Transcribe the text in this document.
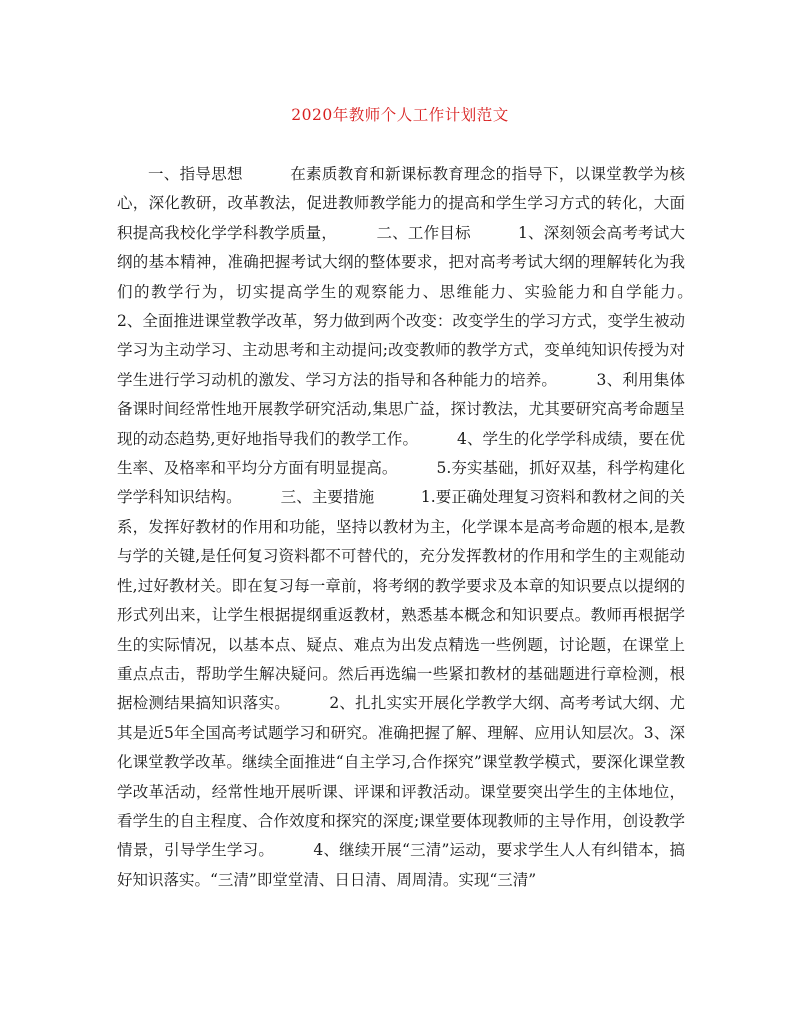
2020年教师个人工作计划范文

一、指导思想　　　在素质教育和新课标教育理念的指导下，以课堂教学为核心，深化教研，改革教法，促进教师教学能力的提高和学生学习方式的转化，大面积提高我校化学学科教学质量，　　　二、工作目标　　　1、深刻领会高考考试大纲的基本精神，准确把握考试大纲的整体要求，把对高考考试大纲的理解转化为我们的教学行为，切实提高学生的观察能力、思维能力、实验能力和自学能力。　　　2、全面推进课堂教学改革，努力做到两个改变：改变学生的学习方式，变学生被动学习为主动学习、主动思考和主动提问;改变教师的教学方式，变单纯知识传授为对学生进行学习动机的激发、学习方法的指导和各种能力的培养。　　　3、利用集体备课时间经常性地开展教学研究活动,集思广益，探讨教法，尤其要研究高考命题呈现的动态趋势,更好地指导我们的教学工作。　　　4、学生的化学学科成绩，要在优生率、及格率和平均分方面有明显提高。　　　5.夯实基础，抓好双基，科学构建化学学科知识结构。　　　三、主要措施　　　1.要正确处理复习资料和教材之间的关系，发挥好教材的作用和功能，坚持以教材为主，化学课本是高考命题的根本,是教与学的关键,是任何复习资料都不可替代的，充分发挥教材的作用和学生的主观能动性,过好教材关。即在复习每一章前，将考纲的教学要求及本章的知识要点以提纲的形式列出来，让学生根据提纲重返教材，熟悉基本概念和知识要点。教师再根据学生的实际情况，以基本点、疑点、难点为出发点精选一些例题，讨论题，在课堂上重点点击，帮助学生解决疑问。然后再选编一些紧扣教材的基础题进行章检测，根据检测结果搞知识落实。　　　2、扎扎实实开展化学教学大纲、高考考试大纲、尤其是近5年全国高考试题学习和研究。准确把握了解、理解、应用认知层次。3、深化课堂教学改革。继续全面推进“自主学习,合作探究”课堂教学模式，要深化课堂教学改革活动，经常性地开展听课、评课和评教活动。课堂要突出学生的主体地位，看学生的自主程度、合作效度和探究的深度;课堂要体现教师的主导作用，创设教学情景，引导学生学习。　　　4、继续开展“三清”运动，要求学生人人有纠错本，搞好知识落实。“三清”即堂堂清、日日清、周周清。实现“三清”
